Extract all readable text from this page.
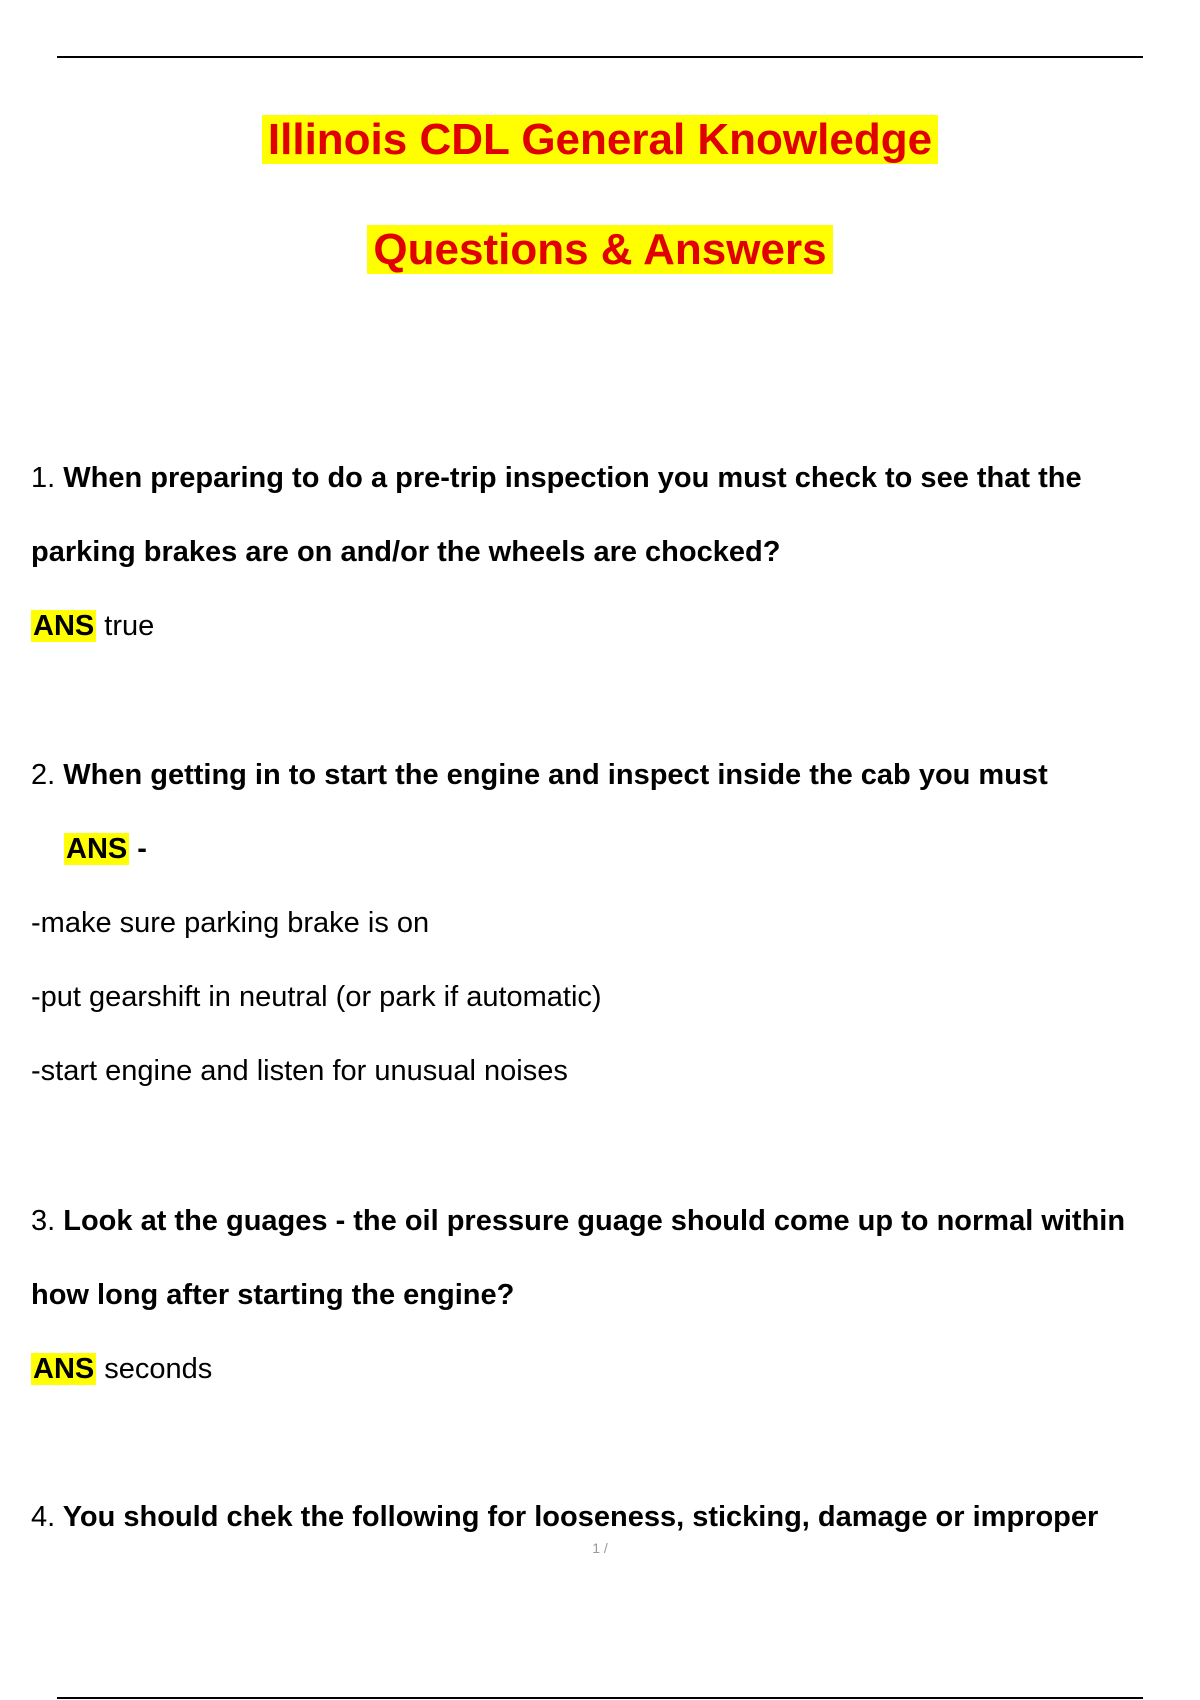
Illinois CDL General Knowledge
Questions & Answers
1. When preparing to do a pre-trip inspection you must check to see that the
parking brakes are on and/or the wheels are chocked?
ANS true
2. When getting in to start the engine and inspect inside the cab you must
ANS -
-make sure parking brake is on
-put gearshift in neutral (or park if automatic)
-start engine and listen for unusual noises
3. Look at the guages - the oil pressure guage should come up to normal within
how long after starting the engine?
ANS seconds
4. You should chek the following for looseness, sticking, damage or improper
1 /
